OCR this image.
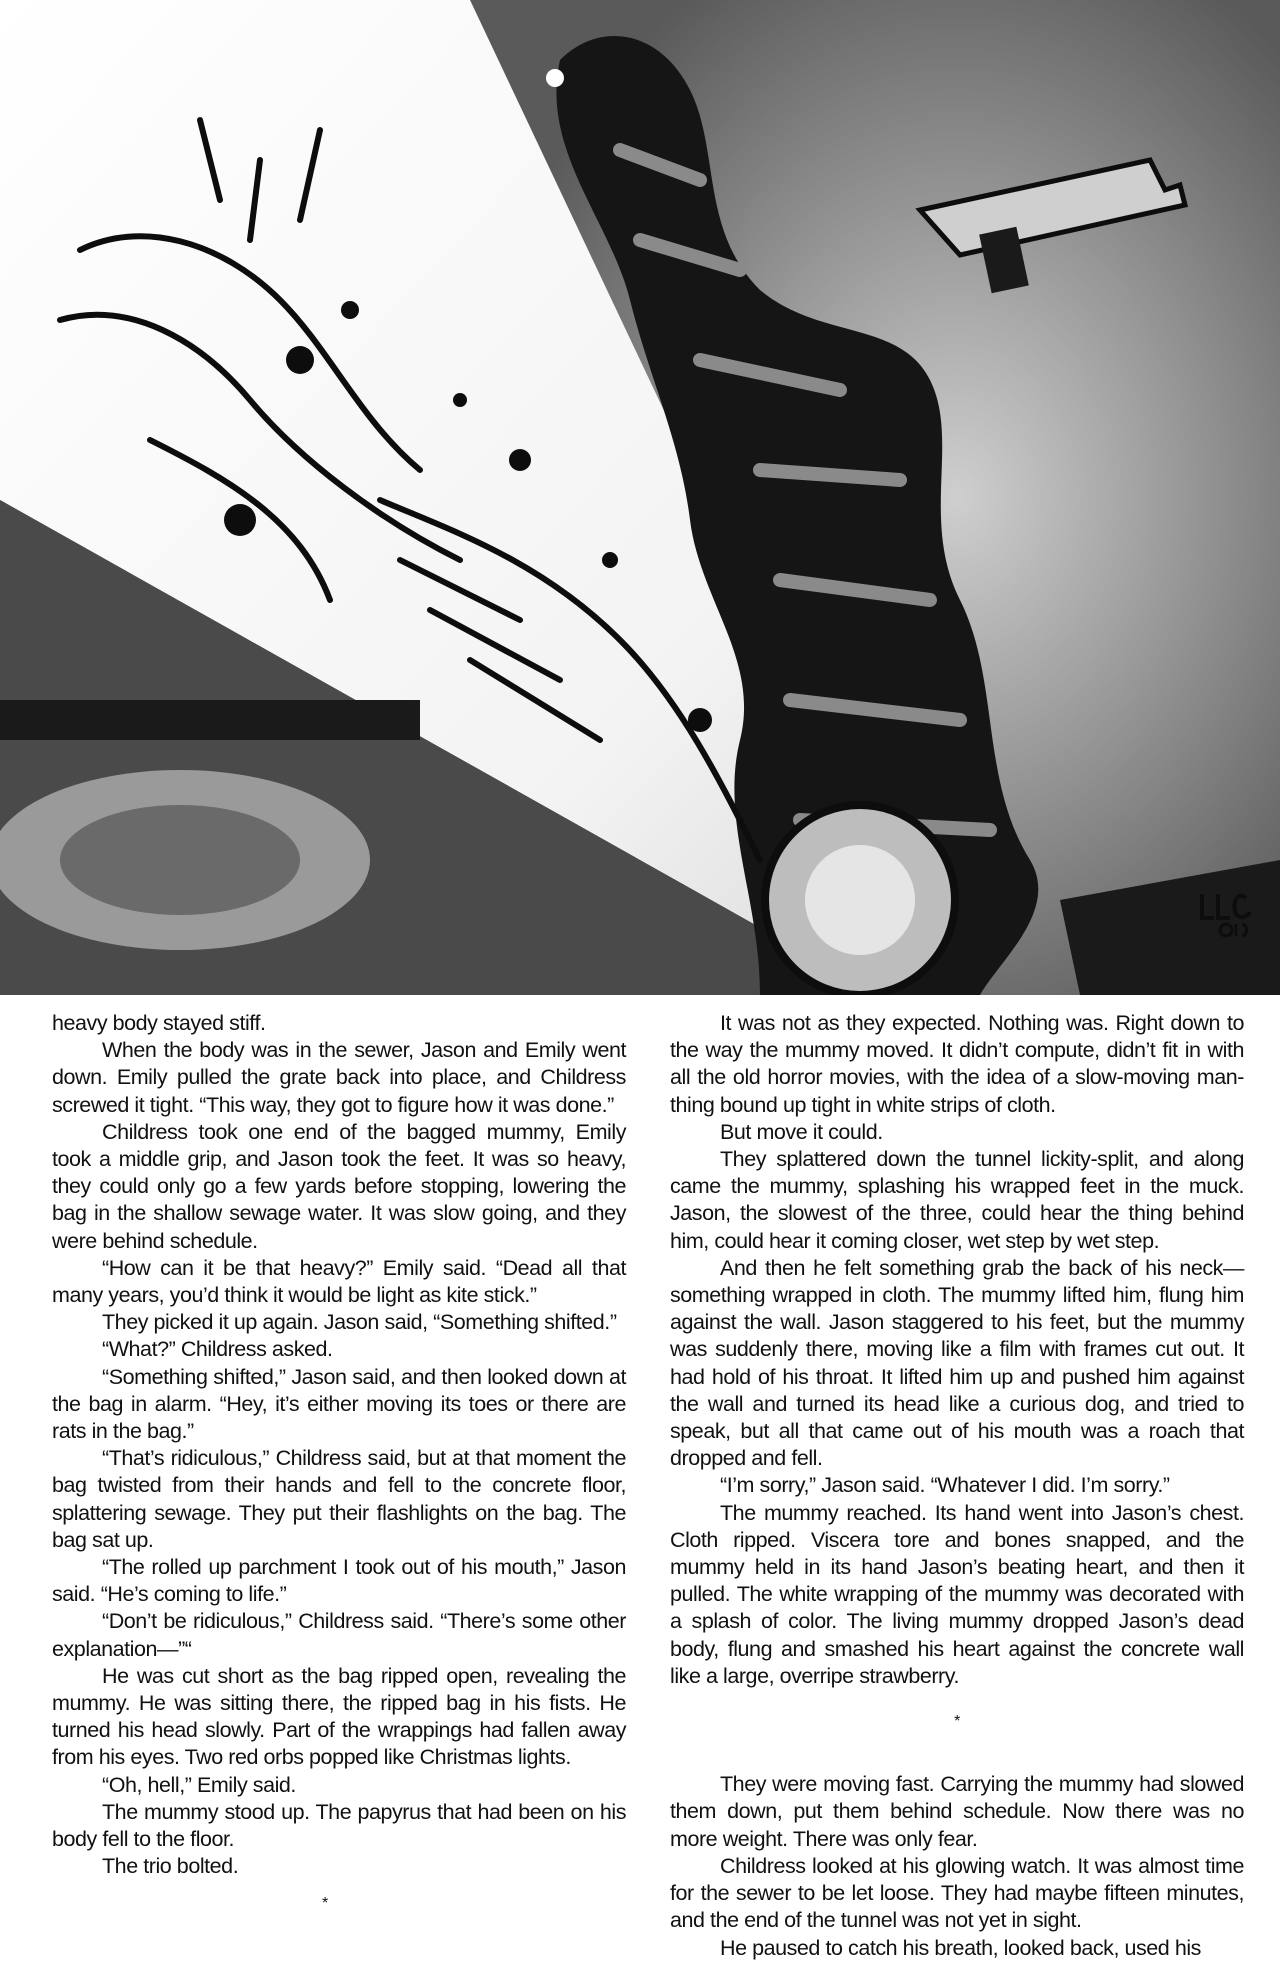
heavy body stayed stiff.

When the body was in the sewer, Jason and Emily went down. Emily pulled the grate back into place, and Childress screwed it tight. “This way, they got to figure how it was done.”

Childress took one end of the bagged mummy, Emily took a middle grip, and Jason took the feet. It was so heavy, they could only go a few yards before stopping, lowering the bag in the shallow sewage water. It was slow going, and they were behind schedule.

“How can it be that heavy?” Emily said. “Dead all that many years, you’d think it would be light as kite stick.”

They picked it up again. Jason said, “Something shifted.”

“What?” Childress asked.

“Something shifted,” Jason said, and then looked down at the bag in alarm. “Hey, it’s either moving its toes or there are rats in the bag.”

“That’s ridiculous,” Childress said, but at that moment the bag twisted from their hands and fell to the concrete floor, splattering sewage. They put their flashlights on the bag. The bag sat up.

“The rolled up parchment I took out of his mouth,” Jason said. “He’s coming to life.”

“Don’t be ridiculous,” Childress said. “There’s some other explanation—”“

He was cut short as the bag ripped open, revealing the mummy. He was sitting there, the ripped bag in his fists. He turned his head slowly. Part of the wrappings had fallen away from his eyes. Two red orbs popped like Christmas lights.

“Oh, hell,” Emily said.

The mummy stood up. The papyrus that had been on his body fell to the floor.

The trio bolted.

*

It was not as they expected. Nothing was. Right down to the way the mummy moved. It didn’t compute, didn’t fit in with all the old horror movies, with the idea of a slow-moving man-thing bound up tight in white strips of cloth.

But move it could.

They splattered down the tunnel lickity-split, and along came the mummy, splashing his wrapped feet in the muck. Jason, the slowest of the three, could hear the thing behind him, could hear it coming closer, wet step by wet step.

And then he felt something grab the back of his neck—something wrapped in cloth. The mummy lifted him, flung him against the wall. Jason staggered to his feet, but the mummy was suddenly there, moving like a film with frames cut out. It had hold of his throat. It lifted him up and pushed him against the wall and turned its head like a curious dog, and tried to speak, but all that came out of his mouth was a roach that dropped and fell.

“I’m sorry,” Jason said. “Whatever I did. I’m sorry.”

The mummy reached. Its hand went into Jason’s chest. Cloth ripped. Viscera tore and bones snapped, and the mummy held in its hand Jason’s beating heart, and then it pulled. The white wrapping of the mummy was decorated with a splash of color. The living mummy dropped Jason’s dead body, flung and smashed his heart against the concrete wall like a large, overripe strawberry.

*

They were moving fast. Carrying the mummy had slowed them down, put them behind schedule. Now there was no more weight. There was only fear.

Childress looked at his glowing watch. It was almost time for the sewer to be let loose. They had maybe fifteen minutes, and the end of the tunnel was not yet in sight.

He paused to catch his breath, looked back, used his
